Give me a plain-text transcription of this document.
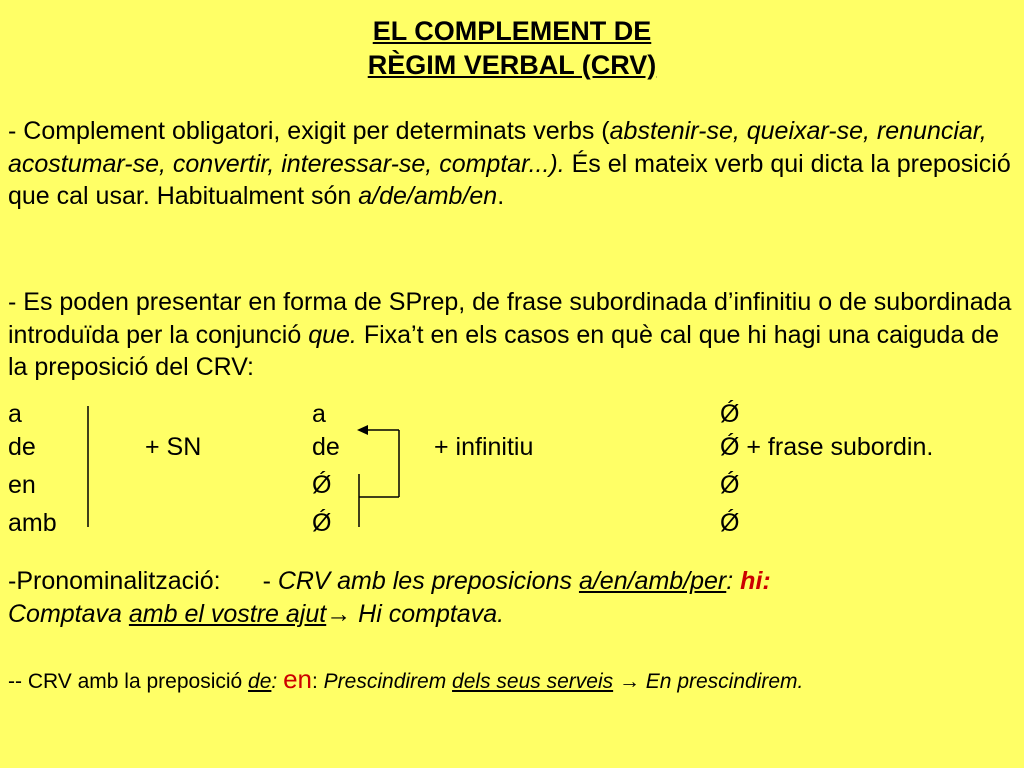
EL COMPLEMENT DE
RÈGIM VERBAL (CRV)
- Complement obligatori, exigit per determinats verbs (abstenir-se, queixar-se, renunciar, acostumar-se, convertir, interessar-se, comptar...). És el mateix verb qui dicta la preposició que cal usar. Habitualment són a/de/amb/en.
- Es poden presentar en forma de SPrep, de frase subordinada d’infinitiu o de subordinada introduïda per la conjunció que. Fixa’t en els casos en què cal que hi hagi una caiguda de la preposició del CRV:
a
de
en
amb
+ SN
a
de
Ǿ
Ǿ
+ infinitiu
Ǿ
Ǿ + frase subordin.
Ǿ
Ǿ
-Pronominalització: - CRV amb les preposicions a/en/amb/per: hi:
Comptava amb el vostre ajut→ Hi comptava.
-- CRV amb la preposició de: en: Prescindirem dels seus serveis → En prescindirem.
